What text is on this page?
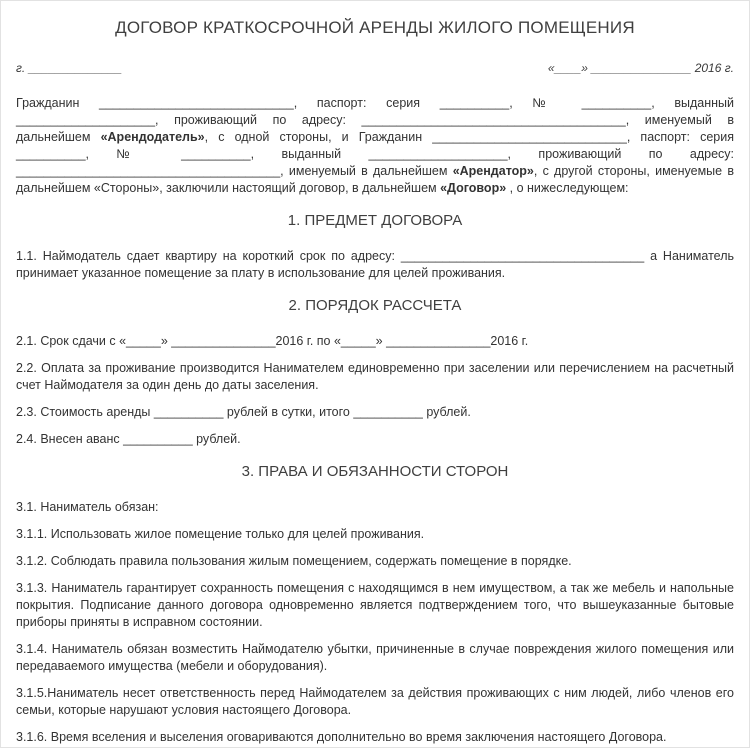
ДОГОВОР КРАТКОСРОЧНОЙ АРЕНДЫ ЖИЛОГО ПОМЕЩЕНИЯ
г. ______________	«____» _______________ 2016 г.

Гражданин ____________________________, паспорт: серия __________, № __________, выданный ____________________, проживающий по адресу: ______________________________________, именуемый в дальнейшем «Арендодатель», с одной стороны, и Гражданин ____________________________, паспорт: серия __________, № __________, выданный ____________________, проживающий по адресу: ______________________________________, именуемый в дальнейшем «Арендатор», с другой стороны, именуемые в дальнейшем «Стороны», заключили настоящий договор, в дальнейшем «Договор» , о нижеследующем:

1. ПРЕДМЕТ ДОГОВОРА

1.1. Наймодатель сдает квартиру на короткий срок по адресу: ___________________________________ а Наниматель принимает указанное помещение за плату в использование для целей проживания.

2. ПОРЯДОК РАССЧЕТА

2.1. Срок сдачи с «_____» _______________2016 г. по «_____» _______________2016 г.

2.2. Оплата за проживание производится Нанимателем единовременно при заселении или перечислением на расчетный счет Наймодателя за один день до даты заселения.

2.3. Стоимость аренды __________ рублей в сутки, итого __________ рублей.

2.4. Внесен аванс __________ рублей.

3. ПРАВА И ОБЯЗАННОСТИ СТОРОН

3.1. Наниматель обязан:

3.1.1. Использовать жилое помещение только для целей проживания.

3.1.2. Соблюдать правила пользования жилым помещением, содержать помещение в порядке.

3.1.3. Наниматель гарантирует сохранность помещения с находящимся в нем имуществом, а так же мебель и напольные покрытия. Подписание данного договора одновременно является подтверждением того, что вышеуказанные бытовые приборы приняты в исправном состоянии.

3.1.4. Наниматель обязан возместить Наймодателю убытки, причиненные в случае повреждения жилого помещения или передаваемого имущества (мебели и оборудования).

3.1.5.Наниматель несет ответственность перед Наймодателем за действия проживающих с ним людей, либо членов его семьи, которые нарушают условия настоящего Договора.

3.1.6. Время вселения и выселения оговариваются дополнительно во время заключения настоящего Договора.
